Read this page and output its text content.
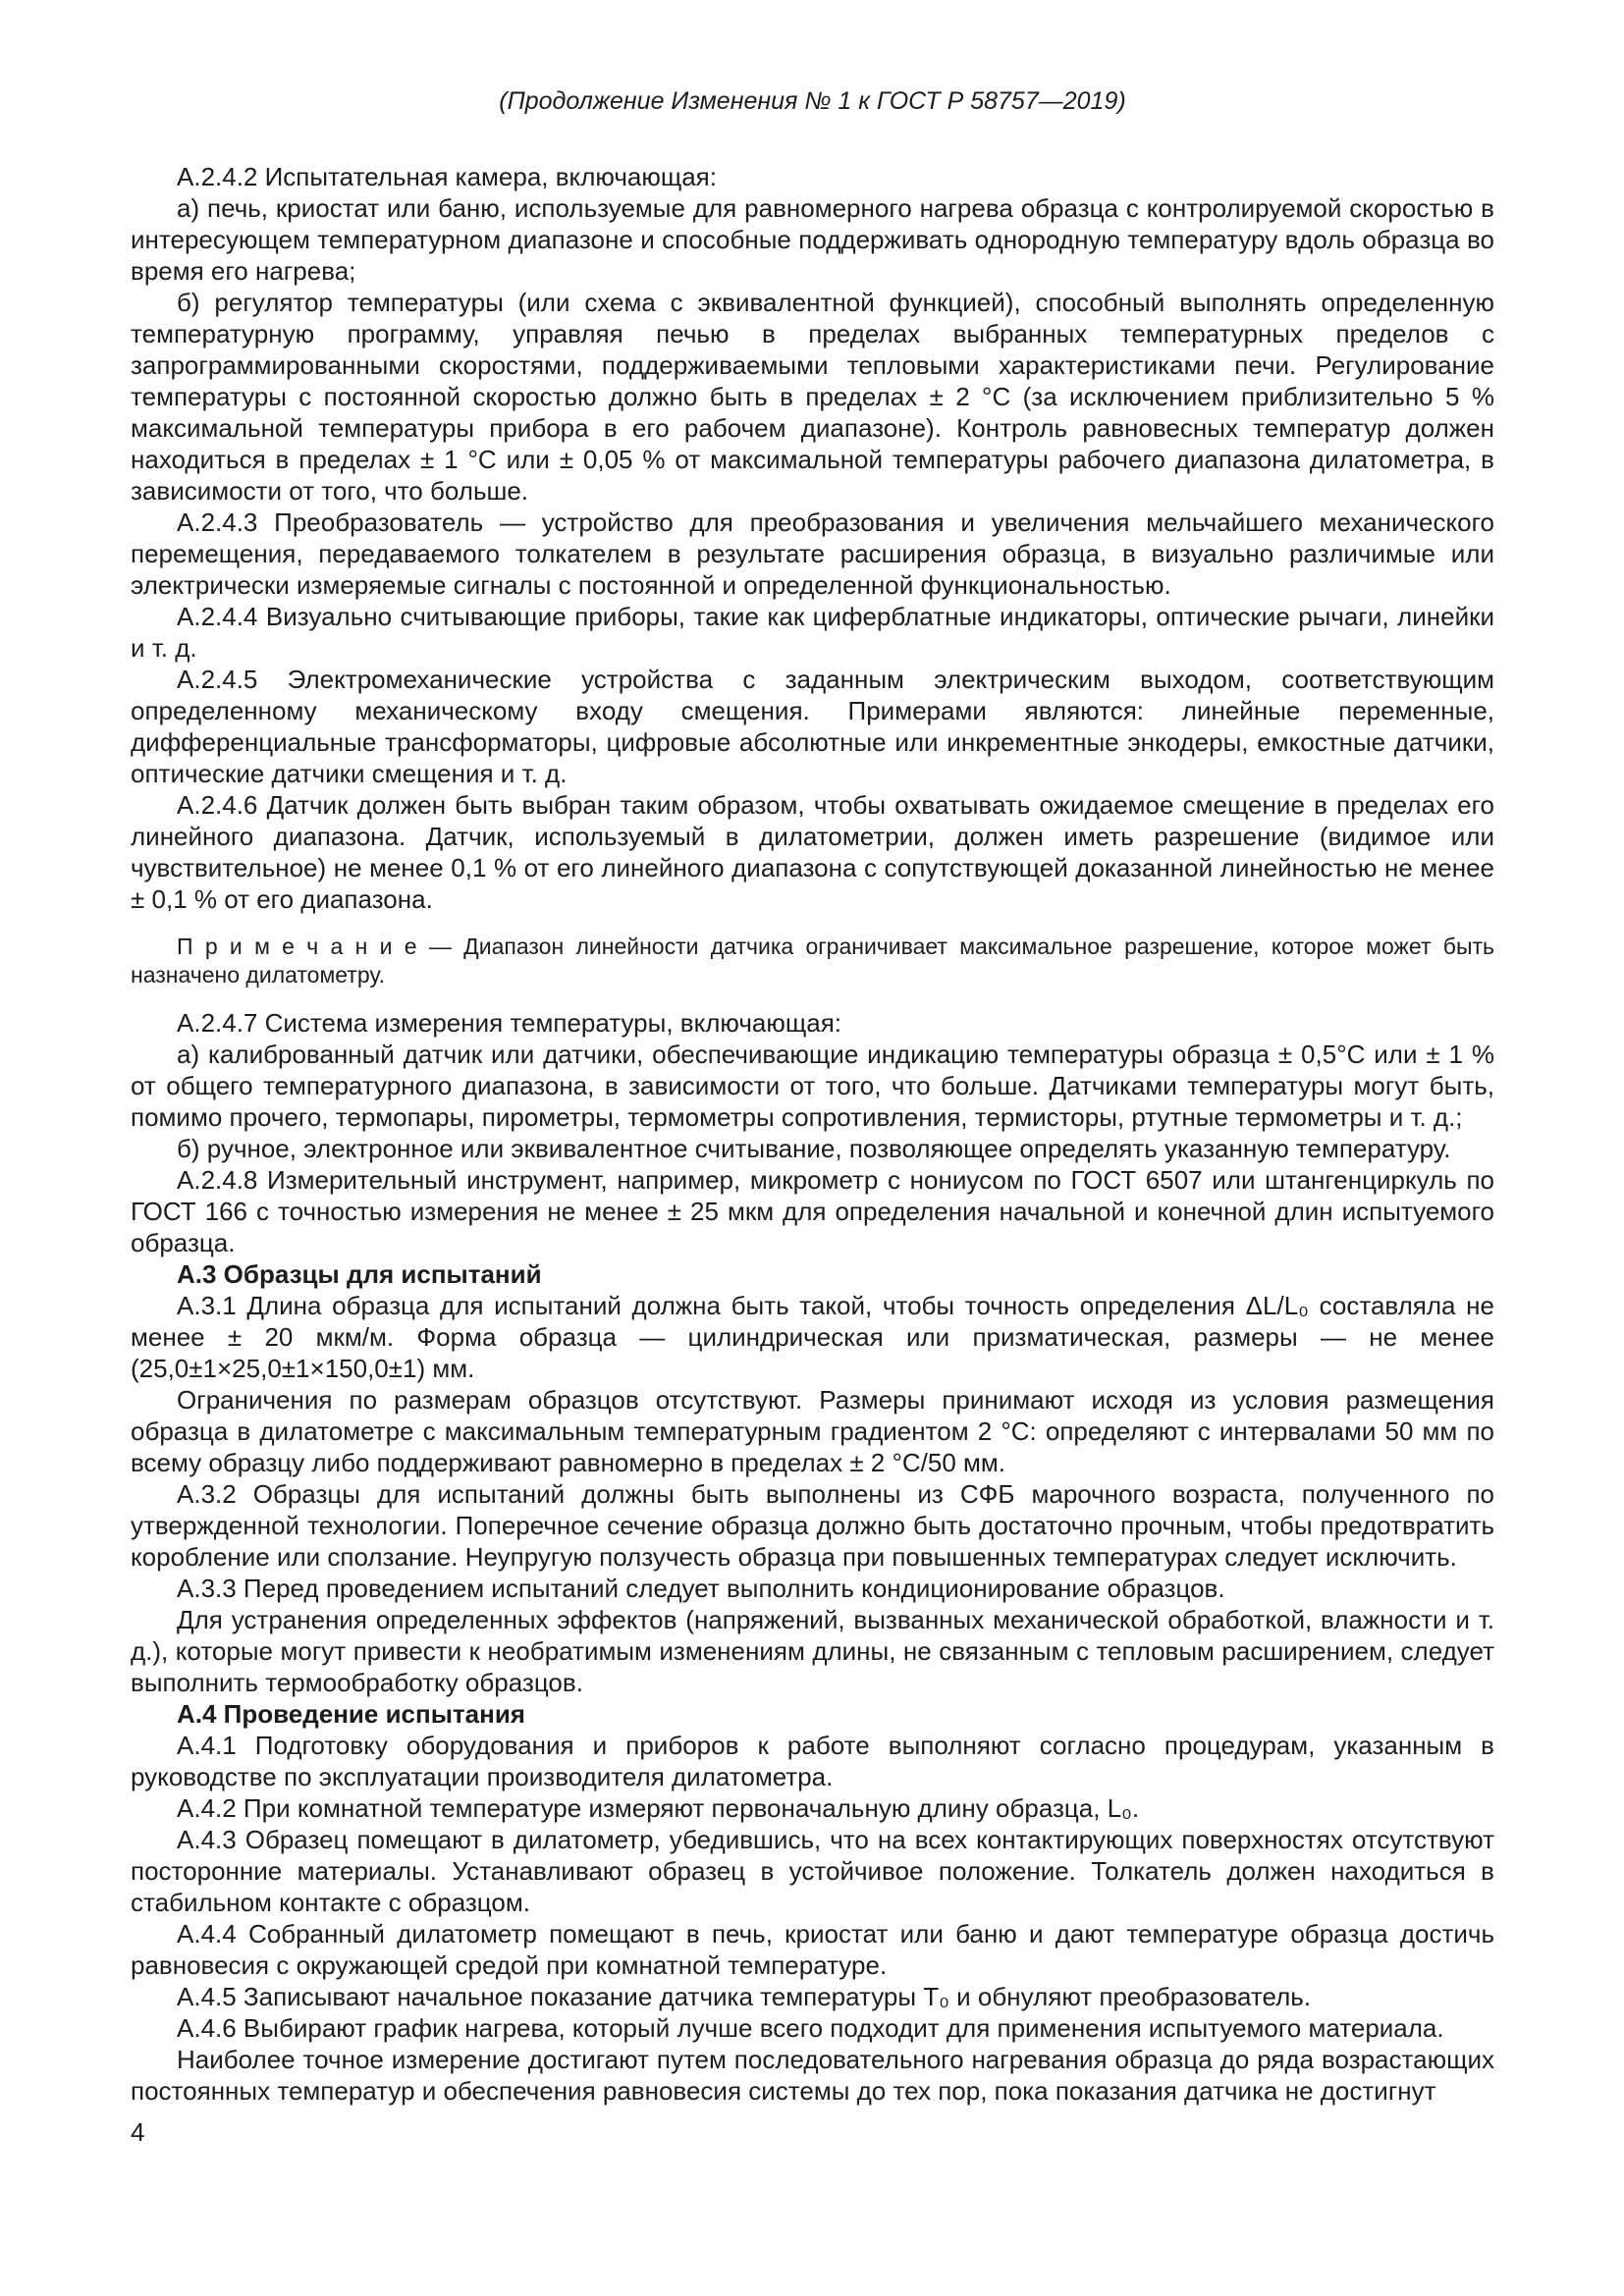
(Продолжение Изменения № 1 к ГОСТ Р 58757—2019)

А.2.4.2 Испытательная камера, включающая:

а) печь, криостат или баню, используемые для равномерного нагрева образца с контролируемой скоростью в интересующем температурном диапазоне и способные поддерживать однородную температуру вдоль образца во время его нагрева;

б) регулятор температуры (или схема с эквивалентной функцией), способный выполнять определенную температурную программу, управляя печью в пределах выбранных температурных пределов с запрограммированными скоростями, поддерживаемыми тепловыми характеристиками печи. Регулирование температуры с постоянной скоростью должно быть в пределах ± 2 °С (за исключением приблизительно 5 % максимальной температуры прибора в его рабочем диапазоне). Контроль равновесных температур должен находиться в пределах ± 1 °С или ± 0,05 % от максимальной температуры рабочего диапазона дилатометра, в зависимости от того, что больше.

А.2.4.3 Преобразователь — устройство для преобразования и увеличения мельчайшего механического перемещения, передаваемого толкателем в результате расширения образца, в визуально различимые или электрически измеряемые сигналы с постоянной и определенной функциональностью.

А.2.4.4 Визуально считывающие приборы, такие как циферблатные индикаторы, оптические рычаги, линейки и т. д.

А.2.4.5 Электромеханические устройства с заданным электрическим выходом, соответствующим определенному механическому входу смещения. Примерами являются: линейные переменные, дифференциальные трансформаторы, цифровые абсолютные или инкрементные энкодеры, емкостные датчики, оптические датчики смещения и т. д.

А.2.4.6 Датчик должен быть выбран таким образом, чтобы охватывать ожидаемое смещение в пределах его линейного диапазона. Датчик, используемый в дилатометрии, должен иметь разрешение (видимое или чувствительное) не менее 0,1 % от его линейного диапазона с сопутствующей доказанной линейностью не менее ± 0,1 % от его диапазона.

П р и м е ч а н и е — Диапазон линейности датчика ограничивает максимальное разрешение, которое может быть назначено дилатометру.

А.2.4.7 Система измерения температуры, включающая:

а) калиброванный датчик или датчики, обеспечивающие индикацию температуры образца ± 0,5°С или ± 1 % от общего температурного диапазона, в зависимости от того, что больше. Датчиками температуры могут быть, помимо прочего, термопары, пирометры, термометры сопротивления, термисторы, ртутные термометры и т. д.;

б) ручное, электронное или эквивалентное считывание, позволяющее определять указанную температуру.

А.2.4.8 Измерительный инструмент, например, микрометр с нониусом по ГОСТ 6507 или штангенциркуль по ГОСТ 166 с точностью измерения не менее ± 25 мкм для определения начальной и конечной длин испытуемого образца.

А.3 Образцы для испытаний

А.3.1 Длина образца для испытаний должна быть такой, чтобы точность определения ΔL/L₀ составляла не менее ± 20 мкм/м. Форма образца — цилиндрическая или призматическая, размеры — не менее (25,0±1×25,0±1×150,0±1) мм.

Ограничения по размерам образцов отсутствуют. Размеры принимают исходя из условия размещения образца в дилатометре с максимальным температурным градиентом 2 °С: определяют с интервалами 50 мм по всему образцу либо поддерживают равномерно в пределах ± 2 °С/50 мм.

А.3.2 Образцы для испытаний должны быть выполнены из СФБ марочного возраста, полученного по утвержденной технологии. Поперечное сечение образца должно быть достаточно прочным, чтобы предотвратить коробление или сползание. Неупругую ползучесть образца при повышенных температурах следует исключить.

А.3.3 Перед проведением испытаний следует выполнить кондиционирование образцов.

Для устранения определенных эффектов (напряжений, вызванных механической обработкой, влажности и т. д.), которые могут привести к необратимым изменениям длины, не связанным с тепловым расширением, следует выполнить термообработку образцов.

А.4 Проведение испытания

А.4.1 Подготовку оборудования и приборов к работе выполняют согласно процедурам, указанным в руководстве по эксплуатации производителя дилатометра.

А.4.2 При комнатной температуре измеряют первоначальную длину образца, L₀.

А.4.3 Образец помещают в дилатометр, убедившись, что на всех контактирующих поверхностях отсутствуют посторонние материалы. Устанавливают образец в устойчивое положение. Толкатель должен находиться в стабильном контакте с образцом.

А.4.4 Собранный дилатометр помещают в печь, криостат или баню и дают температуре образца достичь равновесия с окружающей средой при комнатной температуре.

А.4.5 Записывают начальное показание датчика температуры T₀ и обнуляют преобразователь.

А.4.6 Выбирают график нагрева, который лучше всего подходит для применения испытуемого материала.

Наиболее точное измерение достигают путем последовательного нагревания образца до ряда возрастающих постоянных температур и обеспечения равновесия системы до тех пор, пока показания датчика не достигнут

4
